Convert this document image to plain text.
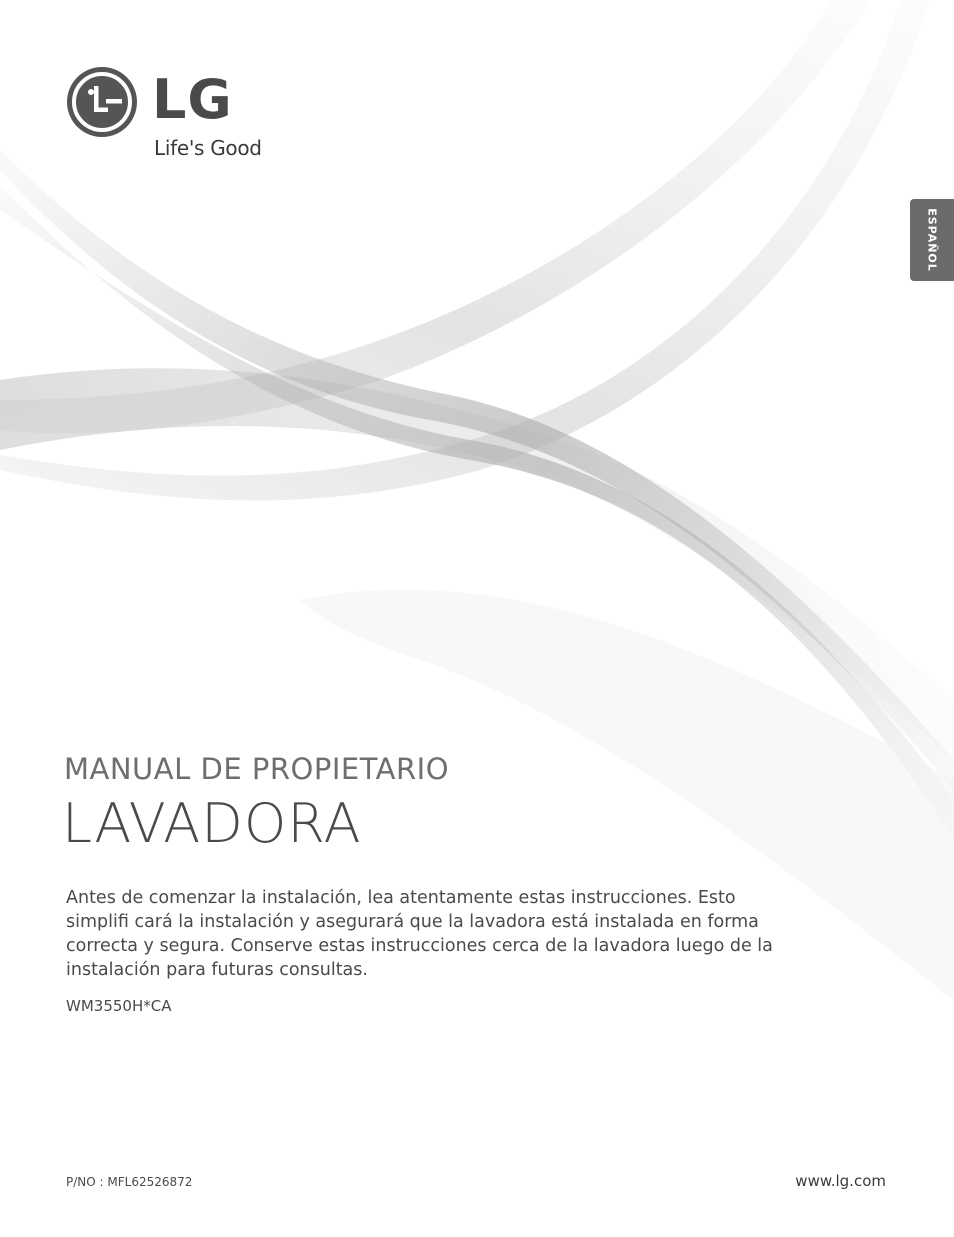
LG
Life's Good
ESPAÑOL
MANUAL DE PROPIETARIO
LAVADORA

Antes de comenzar la instalación, lea atentamente estas instrucciones. Esto simplifi cará la instalación y asegurará que la lavadora está instalada en forma correcta y segura. Conserve estas instrucciones cerca de la lavadora luego de la instalación para futuras consultas.

WM3550H*CA
P/NO : MFL62526872	www.lg.com
